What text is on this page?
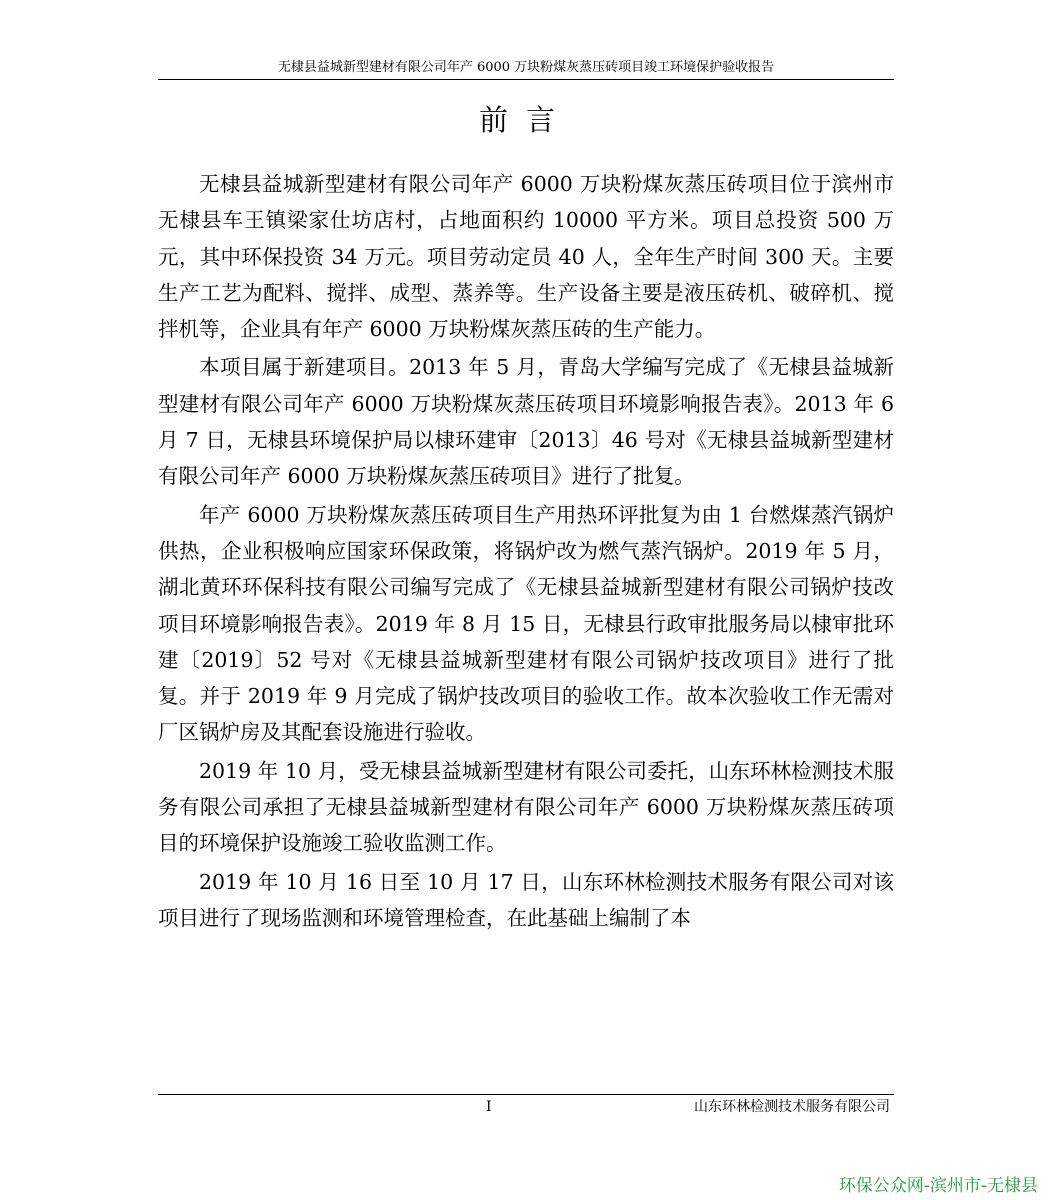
无棣县益城新型建材有限公司年产 6000 万块粉煤灰蒸压砖项目竣工环境保护验收报告
前言

无棣县益城新型建材有限公司年产 6000 万块粉煤灰蒸压砖项目位于滨州市无棣县车王镇梁家仕坊店村，占地面积约 10000 平方米。项目总投资 500 万元，其中环保投资 34 万元。项目劳动定员 40 人，全年生产时间 300 天。主要生产工艺为配料、搅拌、成型、蒸养等。生产设备主要是液压砖机、破碎机、搅拌机等，企业具有年产 6000 万块粉煤灰蒸压砖的生产能力。

本项目属于新建项目。2013 年 5 月，青岛大学编写完成了《无棣县益城新型建材有限公司年产 6000 万块粉煤灰蒸压砖项目环境影响报告表》。2013 年 6 月 7 日，无棣县环境保护局以棣环建审〔2013〕46 号对《无棣县益城新型建材有限公司年产 6000 万块粉煤灰蒸压砖项目》进行了批复。

年产 6000 万块粉煤灰蒸压砖项目生产用热环评批复为由 1 台燃煤蒸汽锅炉供热，企业积极响应国家环保政策，将锅炉改为燃气蒸汽锅炉。2019 年 5 月，湖北黄环环保科技有限公司编写完成了《无棣县益城新型建材有限公司锅炉技改项目环境影响报告表》。2019 年 8 月 15 日，无棣县行政审批服务局以棣审批环建〔2019〕52 号对《无棣县益城新型建材有限公司锅炉技改项目》进行了批复。并于 2019 年 9 月完成了锅炉技改项目的验收工作。故本次验收工作无需对厂区锅炉房及其配套设施进行验收。

2019 年 10 月，受无棣县益城新型建材有限公司委托，山东环林检测技术服务有限公司承担了无棣县益城新型建材有限公司年产 6000 万块粉煤灰蒸压砖项目的环境保护设施竣工验收监测工作。

2019 年 10 月 16 日至 10 月 17 日，山东环林检测技术服务有限公司对该项目进行了现场监测和环境管理检查，在此基础上编制了本

I	山东环林检测技术服务有限公司
环保公众网-滨州市-无棣县
